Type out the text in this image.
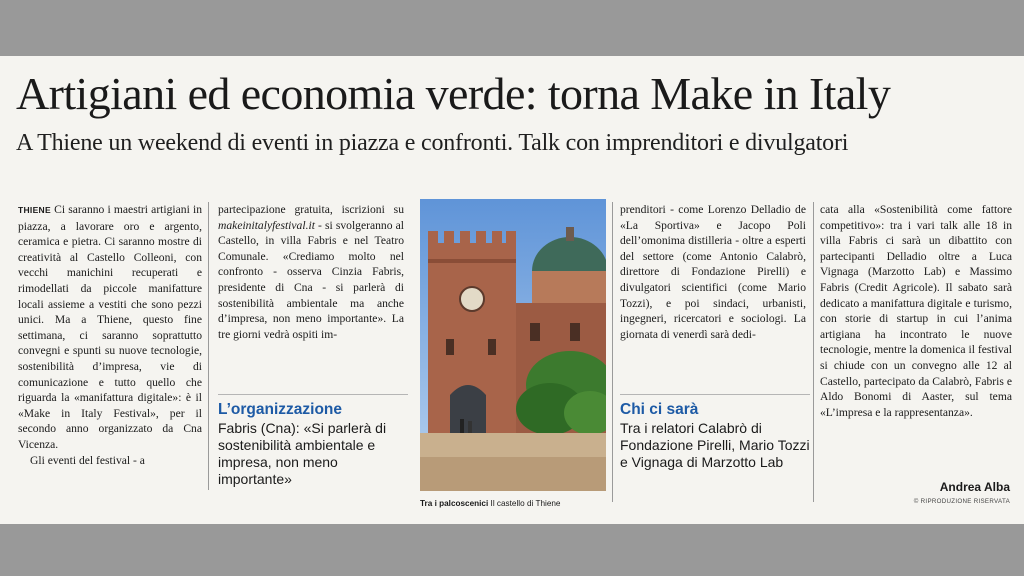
Artigiani ed economia verde: torna Make in Italy
A Thiene un weekend di eventi in piazza e confronti. Talk con imprenditori e divulgatori

THIENE Ci saranno i maestri artigiani in piazza, a lavorare oro e argento, ceramica e pietra. Ci saranno mostre di creatività al Castello Colleoni, con vecchi manichini recuperati e rimodellati da piccole manifatture locali assieme a vestiti che sono pezzi unici. Ma a Thiene, questo fine settimana, ci saranno soprattutto convegni e spunti su nuove tecnologie, sostenibilità d’impresa, vie di comunicazione e tutto quello che riguarda la «manifattura digitale»: è il «Make in Italy Festival», per il secondo anno organizzato da Cna Vicenza.

Gli eventi del festival - a

partecipazione gratuita, iscrizioni su makeinitalyfestival.it - si svolgeranno al Castello, in villa Fabris e nel Teatro Comunale. «Crediamo molto nel confronto - osserva Cinzia Fabris, presidente di Cna - si parlerà di sostenibilità ambientale ma anche d’impresa, non meno importante». La tre giorni vedrà ospiti im-

L’organizzazione
Fabris (Cna): «Si parlerà di sostenibilità ambientale e impresa, non meno importante»
Tra i palcoscenici Il castello di Thiene

prenditori - come Lorenzo Delladio de «La Sportiva» e Jacopo Poli dell’omonima distilleria - oltre a esperti del settore (come Antonio Calabrò, direttore di Fondazione Pirelli) e divulgatori scientifici (come Mario Tozzi), e poi sindaci, urbanisti, ingegneri, ricercatori e sociologi. La giornata di venerdì sarà dedi-

Chi ci sarà
Tra i relatori Calabrò di Fondazione Pirelli, Mario Tozzi e Vignaga di Marzotto Lab

cata alla «Sostenibilità come fattore competitivo»: tra i vari talk alle 18 in villa Fabris ci sarà un dibattito con partecipanti Delladio oltre a Luca Vignaga (Marzotto Lab) e Massimo Fabris (Credit Agricole). Il sabato sarà dedicato a manifattura digitale e turismo, con storie di startup in cui l’anima artigiana ha incontrato le nuove tecnologie, mentre la domenica il festival si chiude con un convegno alle 12 al Castello, partecipato da Calabrò, Fabris e Aldo Bonomi di Aaster, sul tema «L’impresa e la rappresentanza».

Andrea Alba
© RIPRODUZIONE RISERVATA
